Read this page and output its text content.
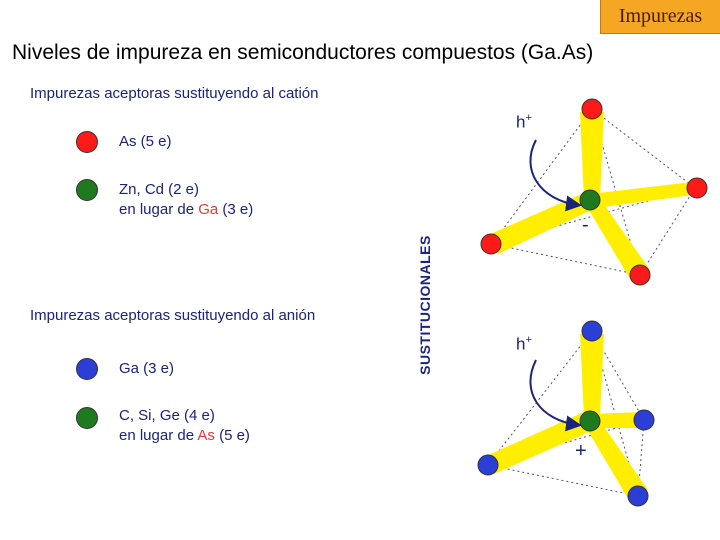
Impurezas
Niveles de impureza en semiconductores compuestos (Ga.As)
Impurezas aceptoras sustituyendo al catión
As (5 e)
Zn, Cd (2 e)
en lugar de Ga (3 e)
Impurezas aceptoras sustituyendo al anión
Ga (3 e)
C, Si, Ge (4 e)
en lugar de As (5 e)
SUSTITUCIONALES
h+
-
h+
+
